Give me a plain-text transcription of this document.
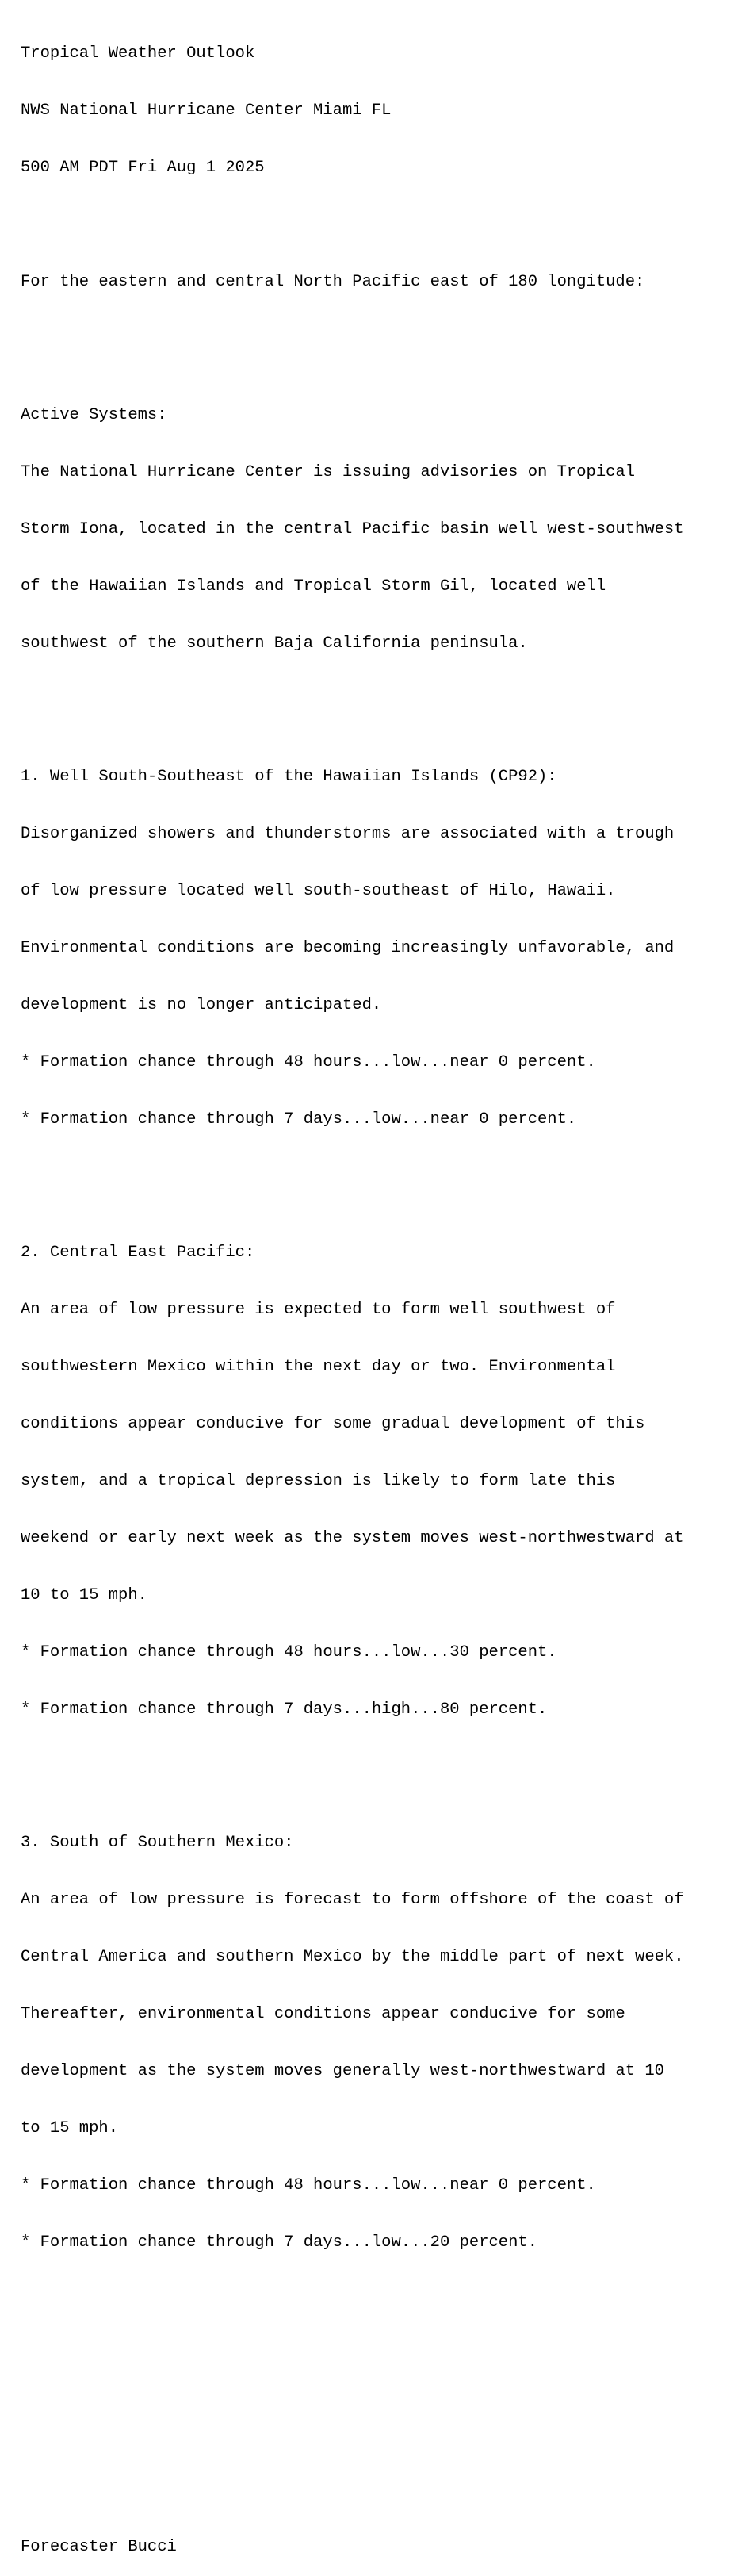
Tropical Weather Outlook

NWS National Hurricane Center Miami FL

500 AM PDT Fri Aug 1 2025

For the eastern and central North Pacific east of 180 longitude:

Active Systems:

The National Hurricane Center is issuing advisories on Tropical

Storm Iona, located in the central Pacific basin well west-southwest

of the Hawaiian Islands and Tropical Storm Gil, located well

southwest of the southern Baja California peninsula.

1. Well South-Southeast of the Hawaiian Islands (CP92):

Disorganized showers and thunderstorms are associated with a trough

of low pressure located well south-southeast of Hilo, Hawaii.

Environmental conditions are becoming increasingly unfavorable, and

development is no longer anticipated.

* Formation chance through 48 hours...low...near 0 percent.

* Formation chance through 7 days...low...near 0 percent.

2. Central East Pacific:

An area of low pressure is expected to form well southwest of

southwestern Mexico within the next day or two. Environmental

conditions appear conducive for some gradual development of this

system, and a tropical depression is likely to form late this

weekend or early next week as the system moves west-northwestward at

10 to 15 mph.

* Formation chance through 48 hours...low...30 percent.

* Formation chance through 7 days...high...80 percent.

3. South of Southern Mexico:

An area of low pressure is forecast to form offshore of the coast of

Central America and southern Mexico by the middle part of next week.

Thereafter, environmental conditions appear conducive for some

development as the system moves generally west-northwestward at 10

to 15 mph.

* Formation chance through 48 hours...low...near 0 percent.

* Formation chance through 7 days...low...20 percent.

Forecaster Bucci
